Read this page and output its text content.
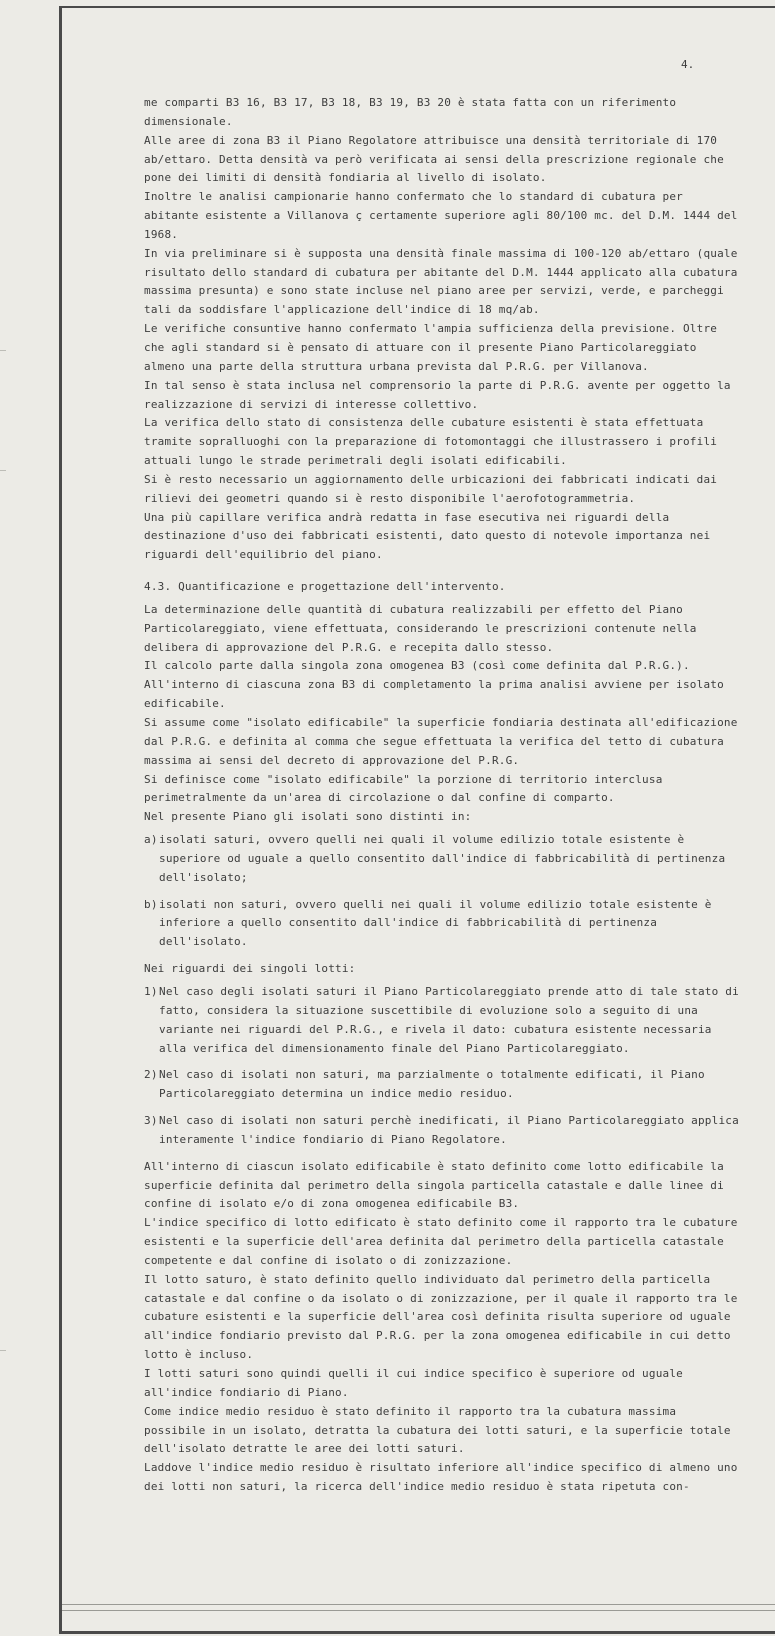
4.

me comparti B3 16, B3 17, B3 18, B3 19, B3 20 è stata fatta con un riferimento dimensionale.

Alle aree di zona B3 il Piano Regolatore attribuisce una densità territoriale di 170 ab/ettaro. Detta densità va però verificata ai sensi della prescrizione regionale che pone dei limiti di densità fondiaria al livello di isolato.

Inoltre le analisi campionarie hanno confermato che lo standard di cubatura per abitante esistente a Villanova ç certamente superiore agli 80/100 mc. del D.M. 1444 del 1968.

In via preliminare si è supposta una densità finale massima di 100-120 ab/ettaro (quale risultato dello standard di cubatura per abitante del D.M. 1444 applicato alla cubatura massima presunta) e sono state incluse nel piano aree per servizi, verde, e parcheggi tali da soddisfare l'applicazione dell'indice di 18 mq/ab.

Le verifiche consuntive hanno confermato l'ampia sufficienza della previsione. Oltre che agli standard si è pensato di attuare con il presente Piano Particolareggiato almeno una parte della struttura urbana prevista dal P.R.G. per Villanova.

In tal senso è stata inclusa nel comprensorio la parte di P.R.G. avente per oggetto la realizzazione di servizi di interesse collettivo.

La verifica dello stato di consistenza delle cubature esistenti è stata effettuata tramite sopralluoghi con la preparazione di fotomontaggi che illustrassero i profili attuali lungo le strade perimetrali degli isolati edificabili.

Si è resto necessario un aggiornamento delle urbicazioni dei fabbricati indicati dai rilievi dei geometri quando si è resto disponibile l'aerofotogrammetria.

Una più capillare verifica andrà redatta in fase esecutiva nei riguardi della destinazione d'uso dei fabbricati esistenti, dato questo di notevole importanza nei riguardi dell'equilibrio del piano.

4.3. Quantificazione e progettazione dell'intervento.

La determinazione delle quantità di cubatura realizzabili per effetto del Piano Particolareggiato, viene effettuata, considerando le prescrizioni contenute nella delibera di approvazione del P.R.G. e recepita dallo stesso.

Il calcolo parte dalla singola zona omogenea B3 (così come definita dal P.R.G.).

All'interno di ciascuna zona B3 di completamento la prima analisi avviene per isolato edificabile.

Si assume come "isolato edificabile" la superficie fondiaria destinata all'edificazione dal P.R.G. e definita al comma che segue effettuata la verifica del tetto di cubatura massima ai sensi del decreto di approvazione del P.R.G.

Si definisce come "isolato edificabile" la porzione di territorio interclusa perimetralmente da un'area di circolazione o dal confine di comparto.

Nel presente Piano gli isolati sono distinti in:

a) isolati saturi, ovvero quelli nei quali il volume edilizio totale esistente è superiore od uguale a quello consentito dall'indice di fabbricabilità di pertinenza dell'isolato;
b) isolati non saturi, ovvero quelli nei quali il volume edilizio totale esistente è inferiore a quello consentito dall'indice di fabbricabilità di pertinenza dell'isolato.

Nei riguardi dei singoli lotti:

1) Nel caso degli isolati saturi il Piano Particolareggiato prende atto di tale stato di fatto, considera la situazione suscettibile di evoluzione solo a seguito di una variante nei riguardi del P.R.G., e rivela il dato: cubatura esistente necessaria alla verifica del dimensionamento finale del Piano Particolareggiato.
2) Nel caso di isolati non saturi, ma parzialmente o totalmente edificati, il Piano Particolareggiato determina un indice medio residuo.
3) Nel caso di isolati non saturi perchè inedificati, il Piano Particolareggiato applica interamente l'indice fondiario di Piano Regolatore.

All'interno di ciascun isolato edificabile è stato definito come lotto edificabile la superficie definita dal perimetro della singola particella catastale e dalle linee di confine di isolato e/o di zona omogenea edificabile B3.

L'indice specifico di lotto edificato è stato definito come il rapporto tra le cubature esistenti e la superficie dell'area definita dal perimetro della particella catastale competente e dal confine di isolato o di zonizzazione.

Il lotto saturo, è stato definito quello individuato dal perimetro della particella catastale e dal confine o da isolato o di zonizzazione, per il quale il rapporto tra le cubature esistenti e la superficie dell'area così definita risulta superiore od uguale all'indice fondiario previsto dal P.R.G. per la zona omogenea edificabile in cui detto lotto è incluso.

I lotti saturi sono quindi quelli il cui indice specifico è superiore od uguale all'indice fondiario di Piano.

Come indice medio residuo è stato definito il rapporto tra la cubatura massima possibile in un isolato, detratta la cubatura dei lotti saturi, e la superficie totale dell'isolato detratte le aree dei lotti saturi.

Laddove l'indice medio residuo è risultato inferiore all'indice specifico di almeno uno dei lotti non saturi, la ricerca dell'indice medio residuo è stata ripetuta con-
